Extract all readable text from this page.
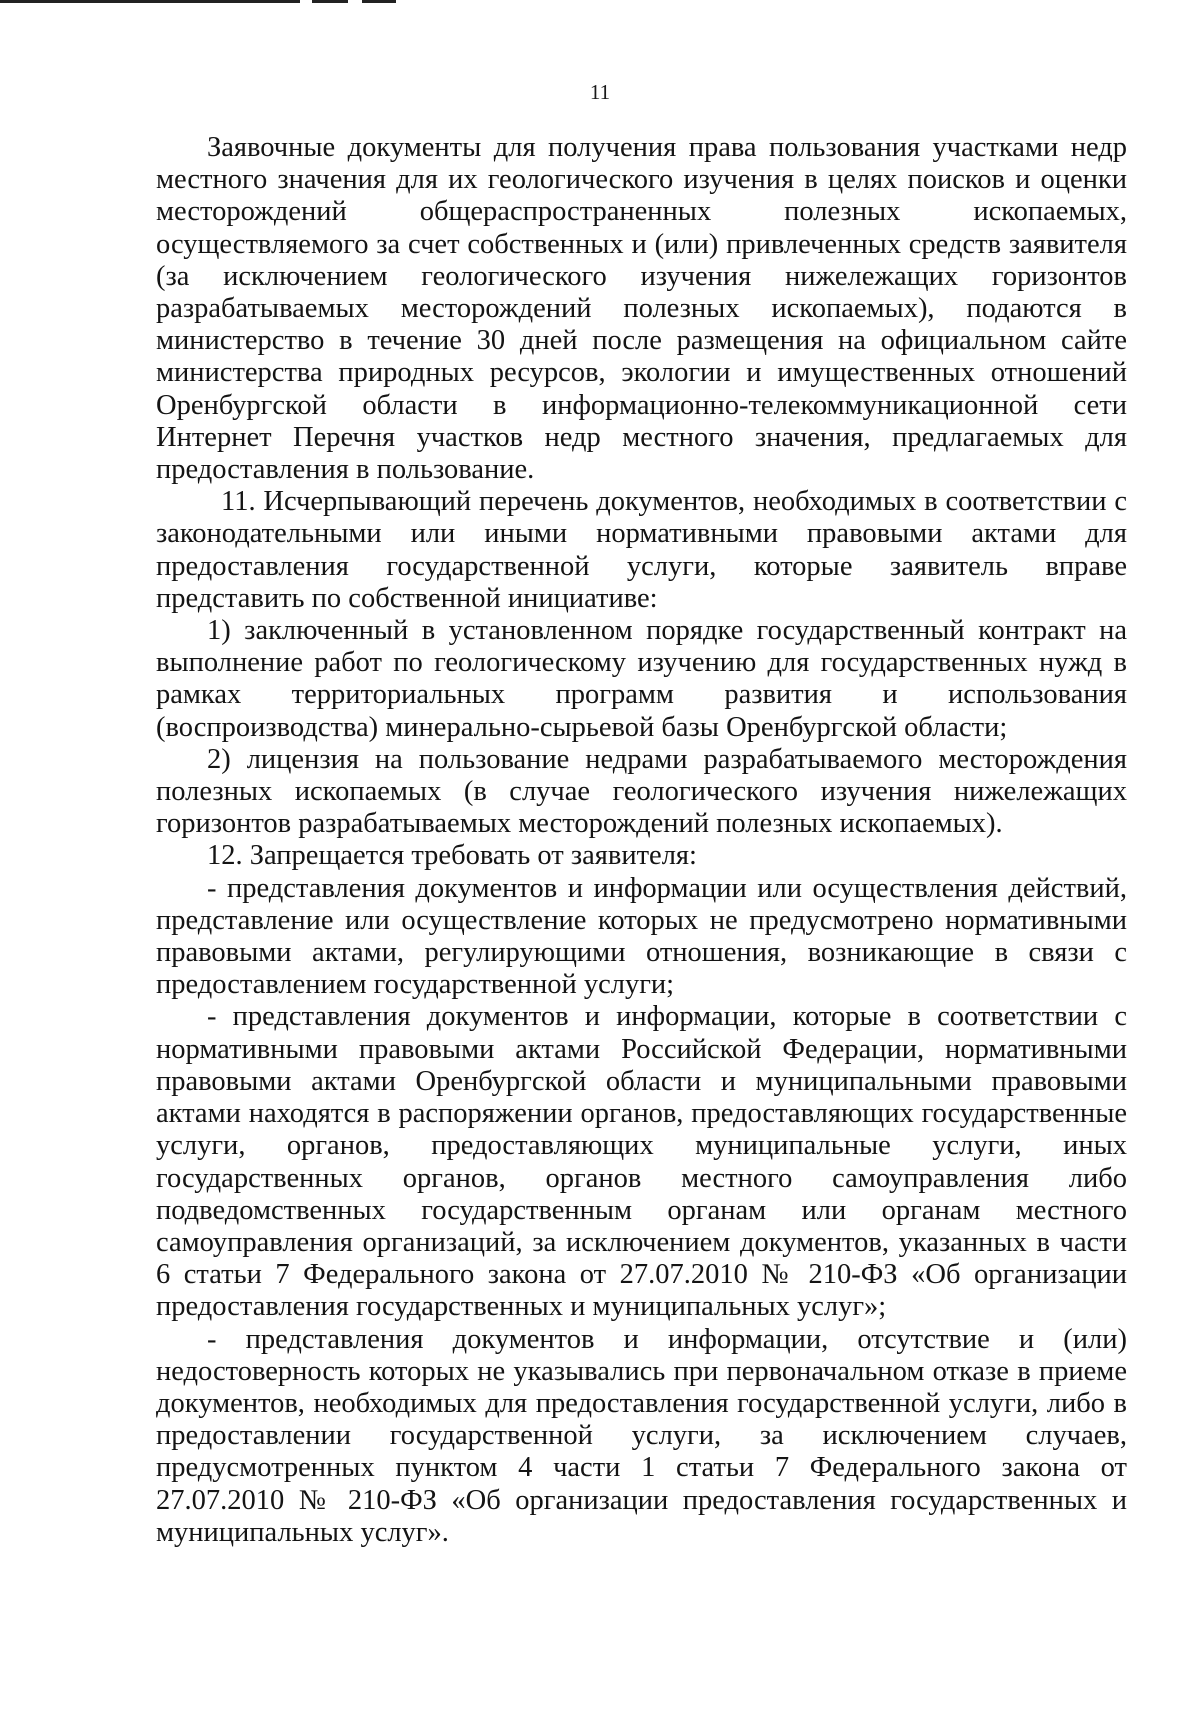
11

Заявочные документы для получения права пользования участками недр местного значения для их геологического изучения в целях поисков и оценки месторождений общераспространенных полезных ископаемых, осуществляемого за счет собственных и (или) привлеченных средств заявителя (за исключением геологического изучения нижележащих горизонтов разрабатываемых месторождений полезных ископаемых), подаются в министерство в течение 30 дней после размещения на официальном сайте министерства природных ресурсов, экологии и имущественных отношений Оренбургской области в информационно-телекоммуникационной сети Интернет Перечня участков недр местного значения, предлагаемых для предоставления в пользование.

11. Исчерпывающий перечень документов, необходимых в соответствии с законодательными или иными нормативными правовыми актами для предоставления государственной услуги, которые заявитель вправе представить по собственной инициативе:

1) заключенный в установленном порядке государственный контракт на выполнение работ по геологическому изучению для государственных нужд в рамках территориальных программ развития и использования (воспроизводства) минерально-сырьевой базы Оренбургской области;

2) лицензия на пользование недрами разрабатываемого месторождения полезных ископаемых (в случае геологического изучения нижележащих горизонтов разрабатываемых месторождений полезных ископаемых).

12. Запрещается требовать от заявителя:

- представления документов и информации или осуществления действий, представление или осуществление которых не предусмотрено нормативными правовыми актами, регулирующими отношения, возникающие в связи с предоставлением государственной услуги;

- представления документов и информации, которые в соответствии с нормативными правовыми актами Российской Федерации, нормативными правовыми актами Оренбургской области и муниципальными правовыми актами находятся в распоряжении органов, предоставляющих государственные услуги, органов, предоставляющих муниципальные услуги, иных государственных органов, органов местного самоуправления либо подведомственных государственным органам или органам местного самоуправления организаций, за исключением документов, указанных в части 6 статьи 7 Федерального закона от 27.07.2010 № 210-ФЗ «Об организации предоставления государственных и муниципальных услуг»;

- представления документов и информации, отсутствие и (или) недостоверность которых не указывались при первоначальном отказе в приеме документов, необходимых для предоставления государственной услуги, либо в предоставлении государственной услуги, за исключением случаев, предусмотренных пунктом 4 части 1 статьи 7 Федерального закона от 27.07.2010 № 210-ФЗ «Об организации предоставления государственных и муниципальных услуг».
